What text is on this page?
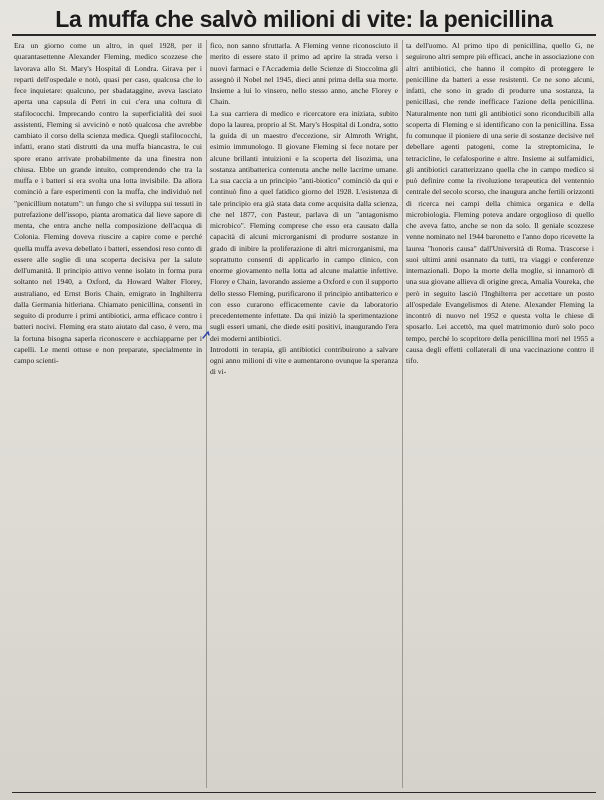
La muffa che salvò milioni di vite: la penicillina

Era un giorno come un altro, in quel 1928, per il quarantasettenne Alexander Fleming, medico scozzese che lavorava allo St. Mary's Hospital di Londra. Girava per i reparti dell'ospedale e notò, quasi per caso, qualcosa che lo fece inquietare: qualcuno, per sbadataggine, aveva lasciato aperta una capsula di Petri in cui c'era una coltura di stafilococchi. Imprecando contro la superficialità dei suoi assistenti, Fleming si avvicinò e notò qualcosa che avrebbe cambiato il corso della scienza medica. Quegli stafilococchi, infatti, erano stati distrutti da una muffa biancastra, le cui spore erano arrivate probabilmente da una finestra non chiusa. Ebbe un grande intuito, comprendendo che tra la muffa e i batteri si era svolta una lotta invisibile. Da allora cominciò a fare esperimenti con la muffa, che individuò nel "penicillium notatum": un fungo che si sviluppa sui tessuti in putrefazione dell'issopo, pianta aromatica dal lieve sapore di menta, che entra anche nella composizione dell'acqua di Colonia. Fleming doveva riuscire a capire come e perché quella muffa aveva debellato i batteri, essendosi reso conto di essere alle soglie di una scoperta decisiva per la salute dell'umanità. Il principio attivo venne isolato in forma pura soltanto nel 1940, a Oxford, da Howard Walter Florey, australiano, ed Ernst Boris Chain, emigrato in Inghilterra dalla Germania hitleriana. Chiamato penicillina, consentì in seguito di produrre i primi antibiotici, arma efficace contro i batteri nocivi. Fleming era stato aiutato dal caso, è vero, ma la fortuna bisogna saperla riconoscere e acchiapparne per i capelli. Le menti ottuse e non preparate, specialmente in campo scienti-

fico, non sanno sfruttarla. A Fleming venne riconosciuto il merito di essere stato il primo ad aprire la strada verso i nuovi farmaci e l'Accademia delle Scienze di Stoccolma gli assegnò il Nobel nel 1945, dieci anni prima della sua morte. Insieme a lui lo vinsero, nello stesso anno, anche Florey e Chain.

La sua carriera di medico e ricercatore era iniziata, subito dopo la laurea, proprio al St. Mary's Hospital di Londra, sotto la guida di un maestro d'eccezione, sir Almroth Wright, esimio immunologo. Il giovane Fleming si fece notare per alcune brillanti intuizioni e la scoperta del lisozima, una sostanza antibatterica contenuta anche nelle lacrime umane. La sua caccia a un principio "anti-biotico" cominciò da qui e continuò fino a quel fatidico giorno del 1928. L'esistenza di tale principio era già stata data come acquisita dalla scienza, che nel 1877, con Pasteur, parlava di un "antagonismo microbico". Fleming comprese che esso era causato dalla capacità di alcuni microrganismi di produrre sostanze in grado di inibire la proliferazione di altri microrganismi, ma soprattutto consentì di applicarlo in campo clinico, con enorme giovamento nella lotta ad alcune malattie infettive. Florey e Chain, lavorando assieme a Oxford e con il supporto dello stesso Fleming, purificarono il principio antibatterico e con esso curarono efficacemente cavie da laboratorio precedentemente infettate. Da qui iniziò la sperimentazione sugli esseri umani, che diede esiti positivi, inaugurando l'era dei moderni antibiotici.

Introdotti in terapia, gli antibiotici contribuirono a salvare ogni anno milioni di vite e aumentarono ovunque la speranza di vi-

ta dell'uomo. Al primo tipo di penicillina, quello G, ne seguirono altri sempre più efficaci, anche in associazione con altri antibiotici, che hanno il compito di proteggere le penicilline da batteri a esse resistenti. Ce ne sono alcuni, infatti, che sono in grado di produrre una sostanza, la penicillasi, che rende inefficace l'azione della penicillina. Naturalmente non tutti gli antibiotici sono riconducibili alla scoperta di Fleming e si identificano con la penicillina. Essa fu comunque il pioniere di una serie di sostanze decisive nel debellare agenti patogeni, come la streptomicina, le tetracicline, le cefalosporine e altre. Insieme ai sulfamidici, gli antibiotici caratterizzano quella che in campo medico si può definire come la rivoluzione terapeutica del ventennio centrale del secolo scorso, che inaugura anche fertili orizzonti di ricerca nei campi della chimica organica e della microbiologia. Fleming poteva andare orgoglioso di quello che aveva fatto, anche se non da solo. Il geniale scozzese venne nominato nel 1944 baronetto e l'anno dopo ricevette la laurea "honoris causa" dall'Università di Roma. Trascorse i suoi ultimi anni osannato da tutti, tra viaggi e conferenze internazionali. Dopo la morte della moglie, si innamorò di una sua giovane allieva di origine greca, Amalia Voureka, che però in seguito lasciò l'Inghilterra per accettare un posto all'ospedale Evangelismos di Atene. Alexander Fleming la incontrò di nuovo nel 1952 e questa volta le chiese di sposarlo. Lei accettò, ma quel matrimonio durò solo poco tempo, perché lo scopritore della penicillina morì nel 1955 a causa degli effetti collaterali di una vaccinazione contro il tifo.
